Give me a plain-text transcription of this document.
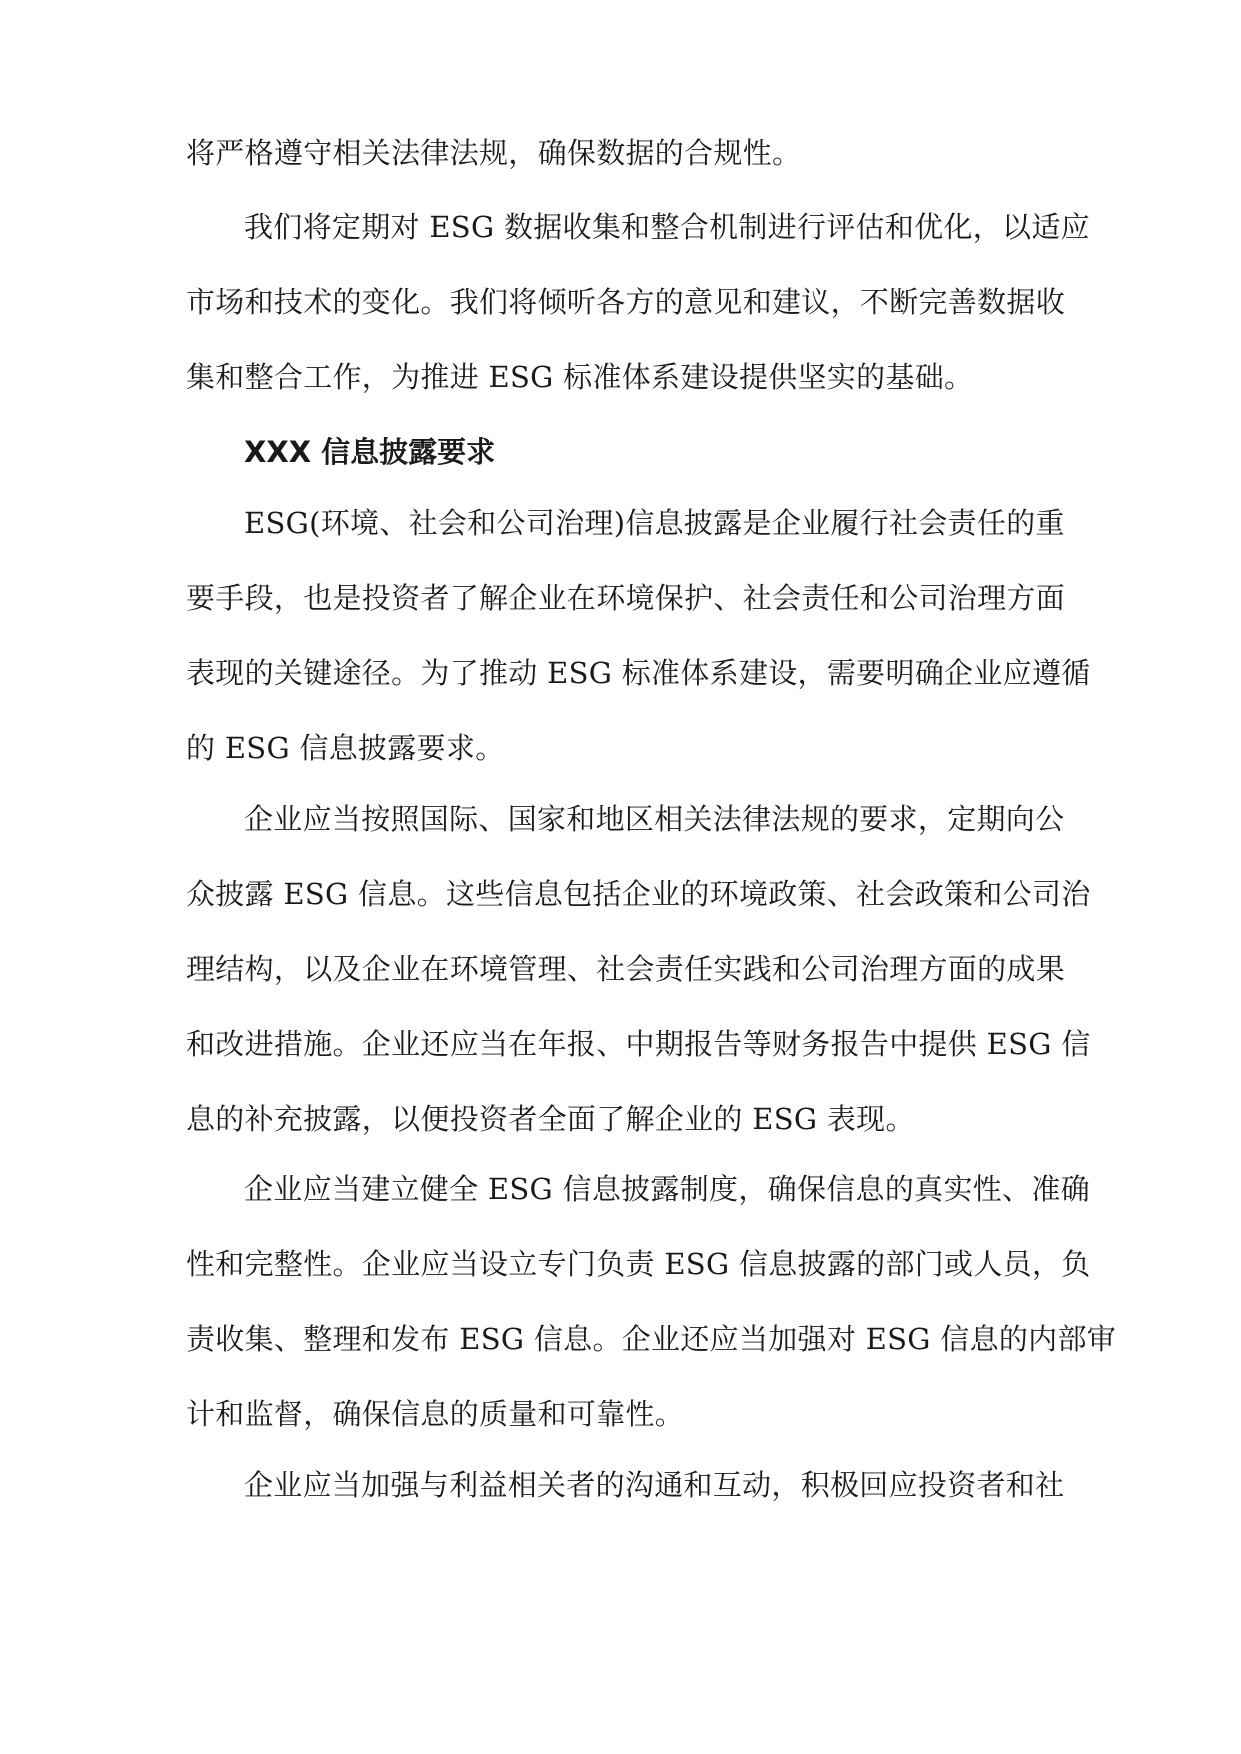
将严格遵守相关法律法规，确保数据的合规性。
我们将定期对 ESG 数据收集和整合机制进行评估和优化，以适应
市场和技术的变化。我们将倾听各方的意见和建议，不断完善数据收
集和整合工作，为推进 ESG 标准体系建设提供坚实的基础。
XXX 信息披露要求
ESG(环境、社会和公司治理)信息披露是企业履行社会责任的重
要手段，也是投资者了解企业在环境保护、社会责任和公司治理方面
表现的关键途径。为了推动 ESG 标准体系建设，需要明确企业应遵循
的 ESG 信息披露要求。
企业应当按照国际、国家和地区相关法律法规的要求，定期向公
众披露 ESG 信息。这些信息包括企业的环境政策、社会政策和公司治
理结构，以及企业在环境管理、社会责任实践和公司治理方面的成果
和改进措施。企业还应当在年报、中期报告等财务报告中提供 ESG 信
息的补充披露，以便投资者全面了解企业的 ESG 表现。
企业应当建立健全 ESG 信息披露制度，确保信息的真实性、准确
性和完整性。企业应当设立专门负责 ESG 信息披露的部门或人员，负
责收集、整理和发布 ESG 信息。企业还应当加强对 ESG 信息的内部审
计和监督，确保信息的质量和可靠性。
企业应当加强与利益相关者的沟通和互动，积极回应投资者和社
